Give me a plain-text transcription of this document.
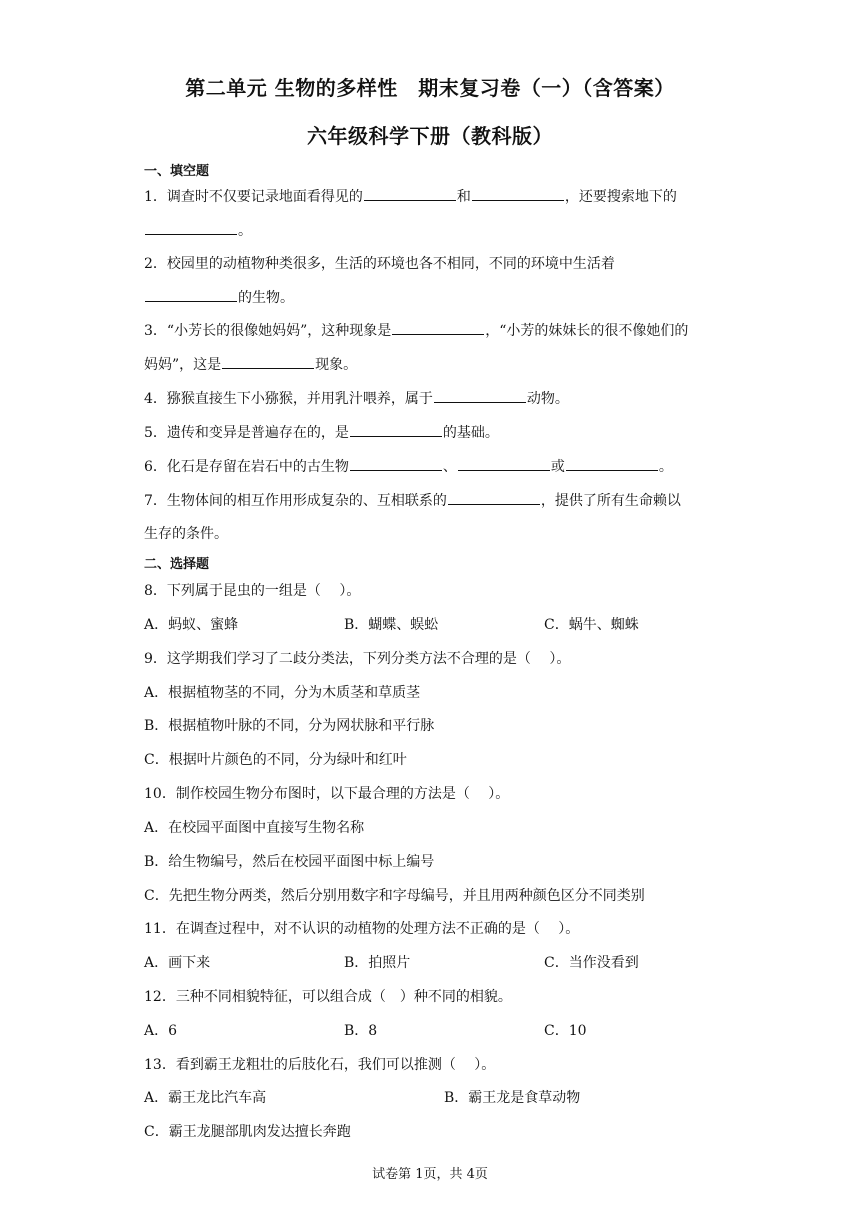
第二单元 生物的多样性　期末复习卷（一）（含答案）
六年级科学下册（教科版）
一、填空题
1．调查时不仅要记录地面看得见的	和	，还要搜索地下的
。
2．校园里的动植物种类很多，生活的环境也各不相同，不同的环境中生活着
的生物。
3．“小芳长的很像她妈妈”，这种现象是	，“小芳的妹妹长的很不像她们的
妈妈”，这是	现象。
4．猕猴直接生下小猕猴，并用乳汁喂养，属于	动物。
5．遗传和变异是普遍存在的，是	的基础。
6．化石是存留在岩石中的古生物	、	或	。
7．生物体间的相互作用形成复杂的、互相联系的	，提供了所有生命赖以
生存的条件。
二、选择题
8．下列属于昆虫的一组是（　 ）。
A．蚂蚁、蜜蜂	B．蝴蝶、蜈蚣	C．蜗牛、蜘蛛
9．这学期我们学习了二歧分类法，下列分类方法不合理的是（　 ）。
A．根据植物茎的不同，分为木质茎和草质茎
B．根据植物叶脉的不同，分为网状脉和平行脉
C．根据叶片颜色的不同，分为绿叶和红叶
10．制作校园生物分布图时，以下最合理的方法是（　 ）。
A．在校园平面图中直接写生物名称
B．给生物编号，然后在校园平面图中标上编号
C．先把生物分两类，然后分别用数字和字母编号，并且用两种颜色区分不同类别
11．在调查过程中，对不认识的动植物的处理方法不正确的是（　 ）。
A．画下来	B．拍照片	C．当作没看到
12．三种不同相貌特征，可以组合成（　）种不同的相貌。
A．6	B．8	C．10
13．看到霸王龙粗壮的后肢化石，我们可以推测（　 ）。
A．霸王龙比汽车高	B．霸王龙是食草动物
C．霸王龙腿部肌肉发达擅长奔跑
试卷第 1页，共 4页
